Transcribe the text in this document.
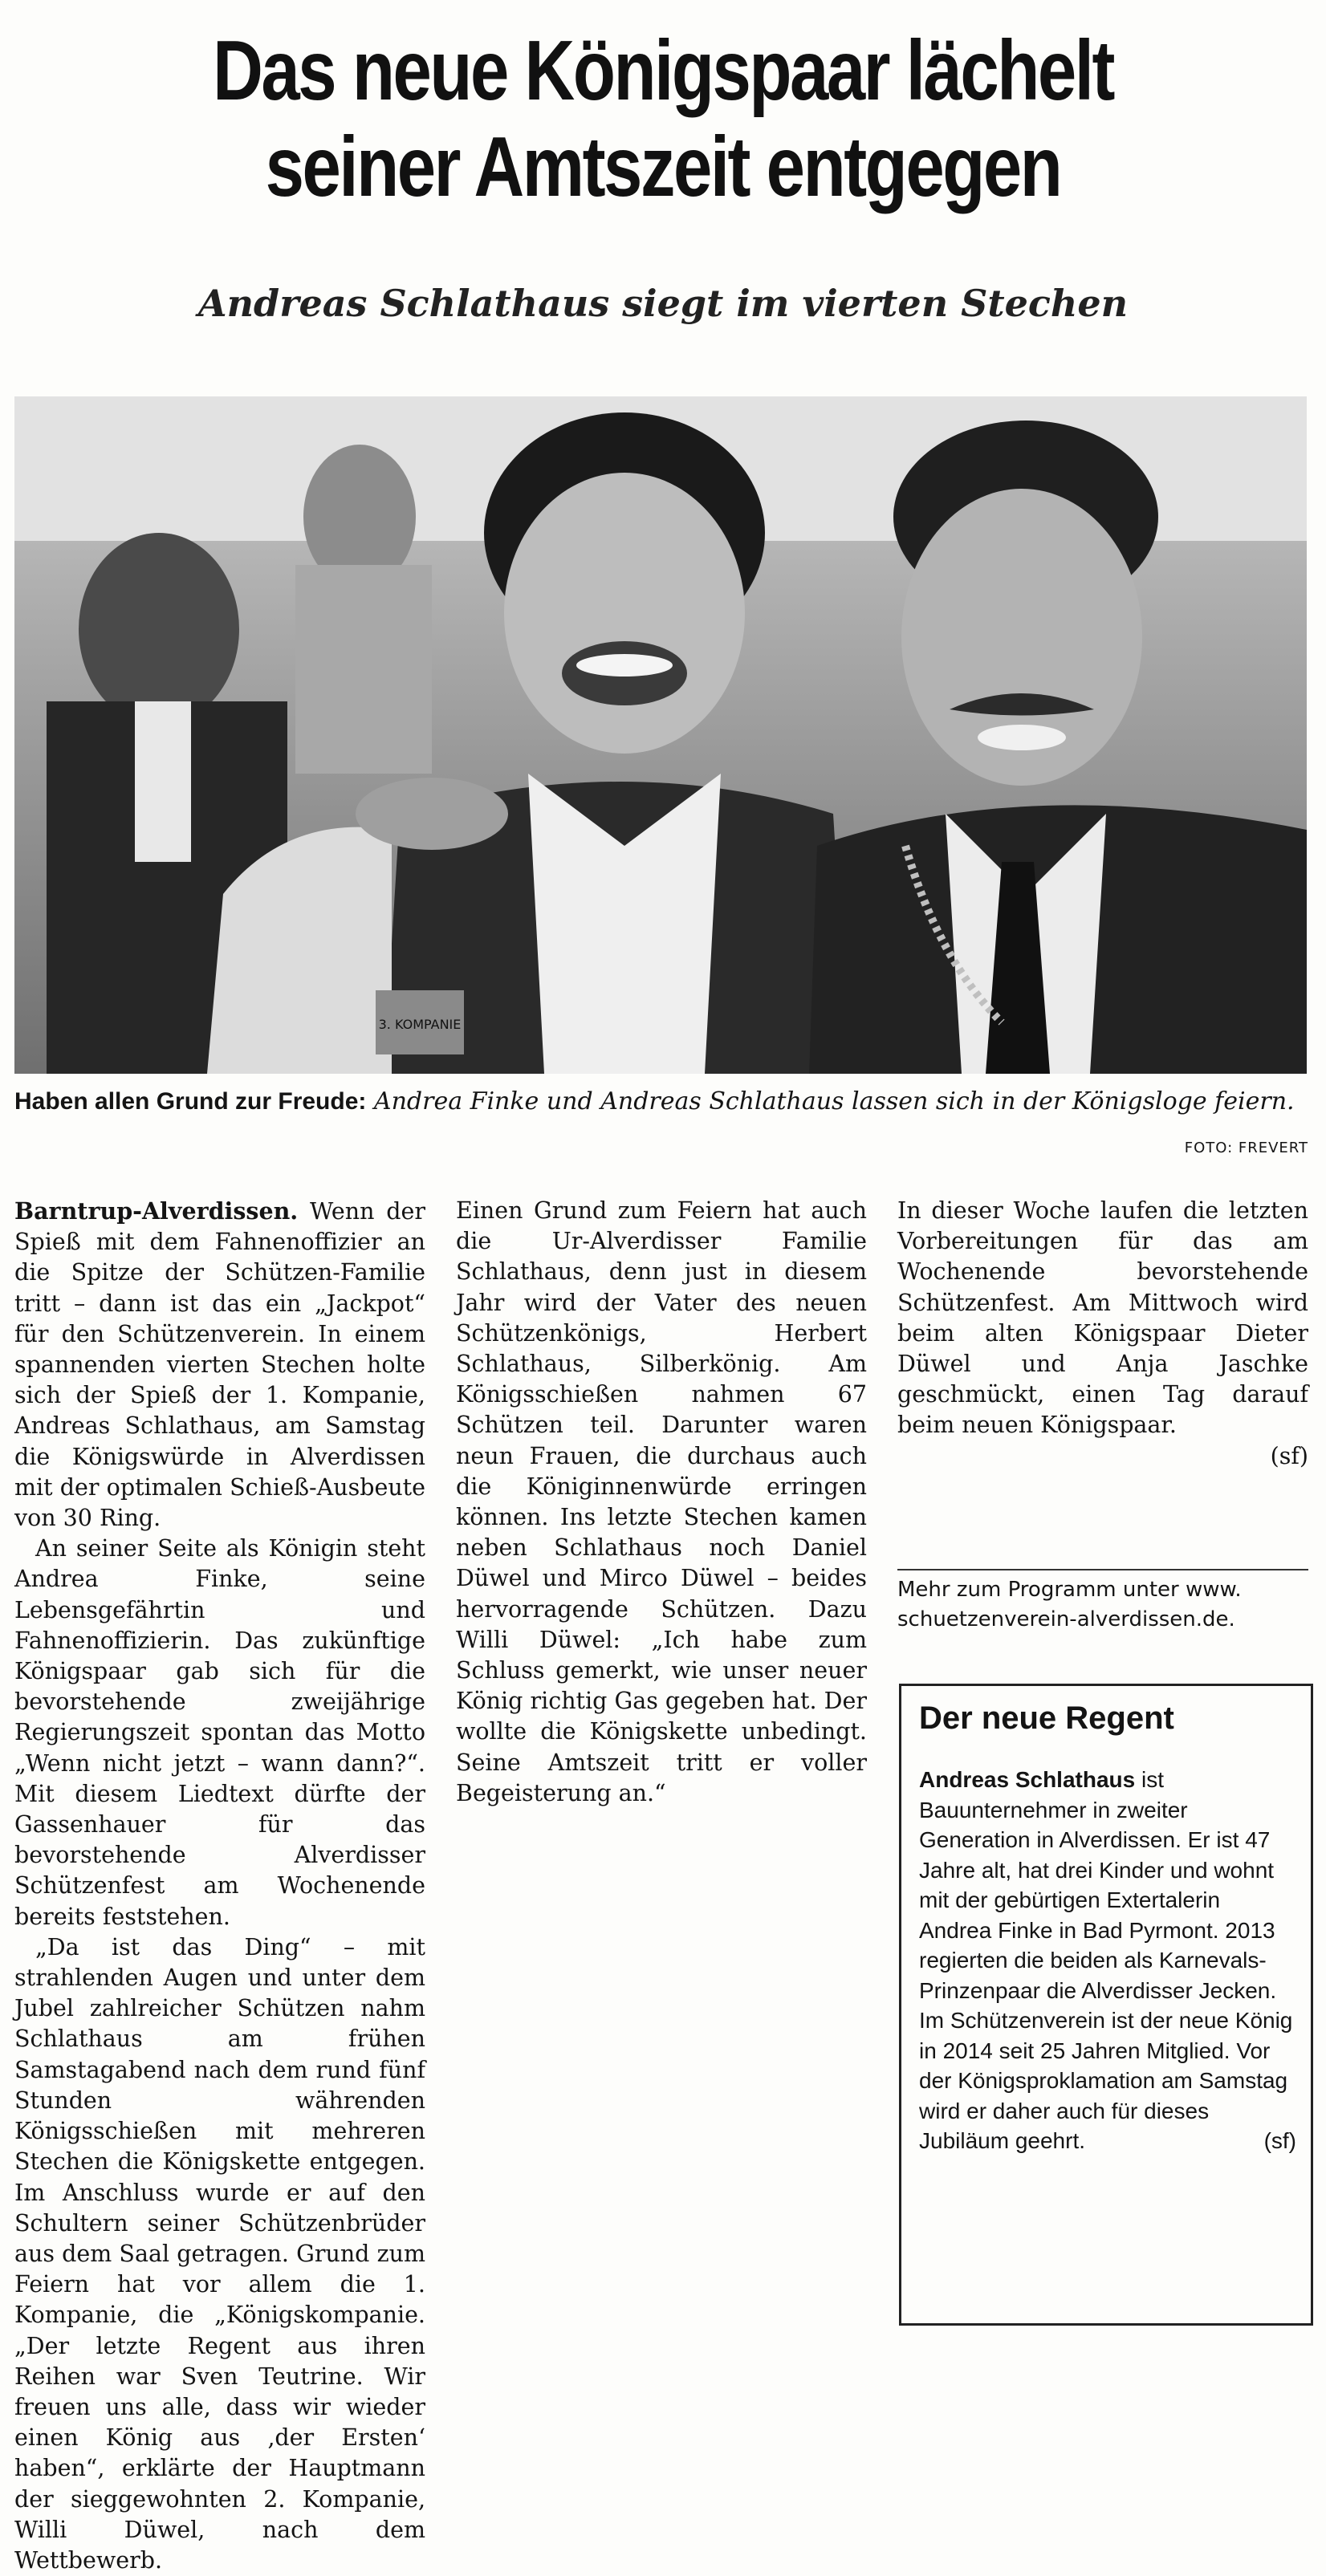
Das neue Königspaar lächelt seiner Amtszeit entgegen
Andreas Schlathaus siegt im vierten Stechen
3. KOMPANIE

Haben allen Grund zur Freude: Andrea Finke und Andreas Schlathaus lassen sich in der Königsloge feiern.

FOTO: FREVERT

Barntrup-Alverdissen. Wenn der Spieß mit dem Fahnenoffizier an die Spitze der Schützen-Familie tritt – dann ist das ein „Jackpot“ für den Schützenverein. In einem spannenden vierten Stechen holte sich der Spieß der 1. Kompanie, Andreas Schlathaus, am Samstag die Königswürde in Alverdissen mit der optimalen Schieß-Ausbeute von 30 Ring.

An seiner Seite als Königin steht Andrea Finke, seine Lebensgefährtin und Fahnenoffizierin. Das zukünftige Königspaar gab sich für die bevorstehende zweijährige Regierungszeit spontan das Motto „Wenn nicht jetzt – wann dann?“. Mit diesem Liedtext dürfte der Gassenhauer für das bevorstehende Alverdisser Schützenfest am Wochenende bereits feststehen.

„Da ist das Ding“ – mit strahlenden Augen und unter dem Jubel zahlreicher Schützen nahm Schlathaus am frühen Samstagabend nach dem rund fünf Stunden währenden Königsschießen mit mehreren Stechen die Königskette entgegen. Im Anschluss wurde er auf den Schultern seiner Schützenbrüder aus dem Saal getragen. Grund zum Feiern hat vor allem die 1. Kompanie, die „Königskompanie. „Der letzte Regent aus ihren Reihen war Sven Teutrine. Wir freuen uns alle, dass wir wieder einen König aus ‚der Ersten‘ haben“, erklärte der Hauptmann der sieggewohnten 2. Kompanie, Willi Düwel, nach dem Wettbewerb.

Einen Grund zum Feiern hat auch die Ur-Alverdisser Familie Schlathaus, denn just in diesem Jahr wird der Vater des neuen Schützenkönigs, Herbert Schlathaus, Silberkönig. Am Königsschießen nahmen 67 Schützen teil. Darunter waren neun Frauen, die durchaus auch die Königinnenwürde erringen können. Ins letzte Stechen kamen neben Schlathaus noch Daniel Düwel und Mirco Düwel – beides hervorragende Schützen. Dazu Willi Düwel: „Ich habe zum Schluss gemerkt, wie unser neuer König richtig Gas gegeben hat. Der wollte die Königskette unbedingt. Seine Amtszeit tritt er voller Begeisterung an.“

In dieser Woche laufen die letzten Vorbereitungen für das am Wochenende bevorstehende Schützenfest. Am Mittwoch wird beim alten Königspaar Dieter Düwel und Anja Jaschke geschmückt, einen Tag darauf beim neuen Königspaar.

(sf)

Mehr zum Programm unter www. schuetzenverein-alverdissen.de.

Der neue Regent

Andreas Schlathaus ist Bauunternehmer in zweiter Generation in Alverdissen. Er ist 47 Jahre alt, hat drei Kinder und wohnt mit der gebürtigen Extertalerin Andrea Finke in Bad Pyrmont. 2013 regierten die beiden als Karnevals-Prinzenpaar die Alverdisser Jecken. Im Schützenverein ist der neue König in 2014 seit 25 Jahren Mitglied. Vor der Königsproklamation am Samstag wird er daher auch für dieses Jubiläum geehrt.	(sf)
